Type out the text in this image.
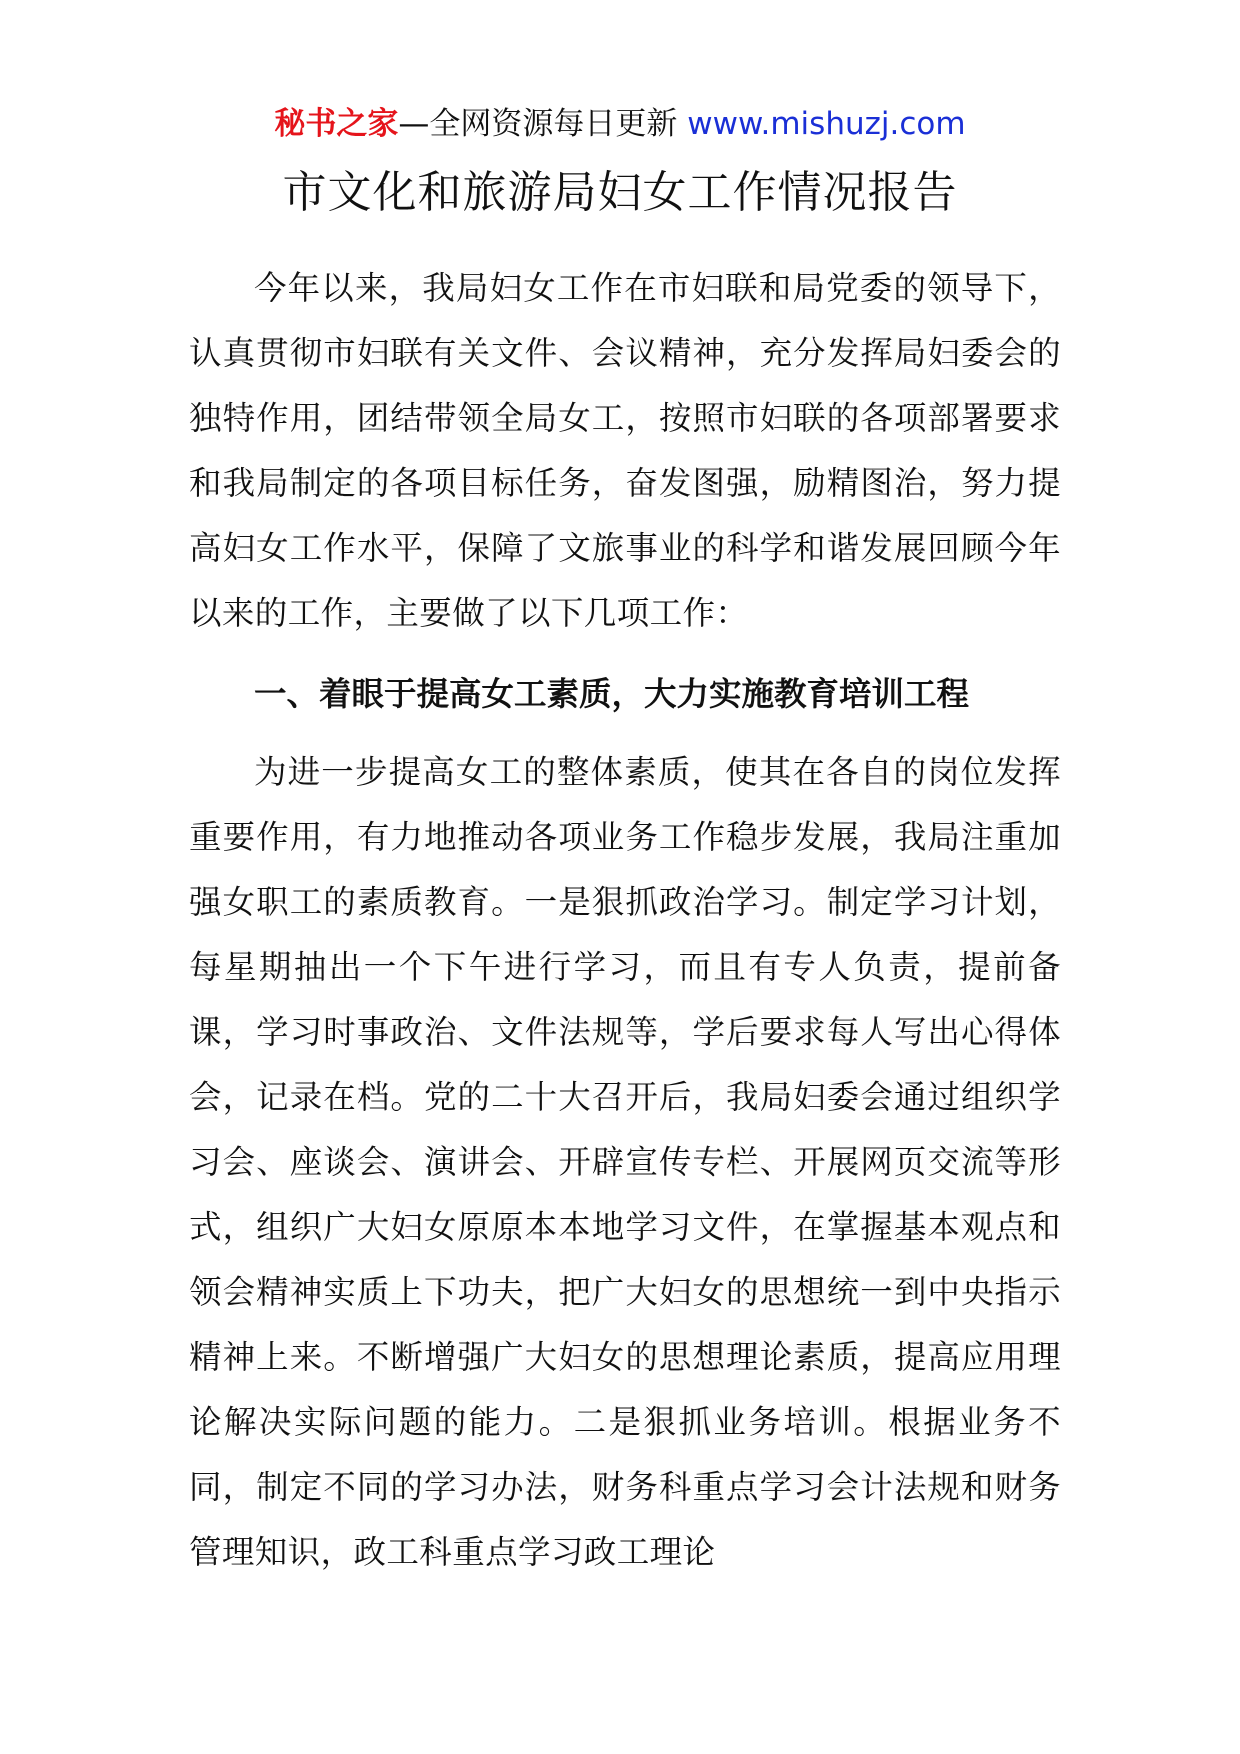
秘书之家—全网资源每日更新 www.mishuzj.com
市文化和旅游局妇女工作情况报告

今年以来，我局妇女工作在市妇联和局党委的领导下，认真贯彻市妇联有关文件、会议精神，充分发挥局妇委会的独特作用，团结带领全局女工，按照市妇联的各项部署要求和我局制定的各项目标任务，奋发图强，励精图治，努力提高妇女工作水平，保障了文旅事业的科学和谐发展回顾今年以来的工作，主要做了以下几项工作：

一、着眼于提高女工素质，大力实施教育培训工程

为进一步提高女工的整体素质，使其在各自的岗位发挥重要作用，有力地推动各项业务工作稳步发展，我局注重加强女职工的素质教育。一是狠抓政治学习。制定学习计划，每星期抽出一个下午进行学习，而且有专人负责，提前备课，学习时事政治、文件法规等，学后要求每人写出心得体会，记录在档。党的二十大召开后，我局妇委会通过组织学习会、座谈会、演讲会、开辟宣传专栏、开展网页交流等形式，组织广大妇女原原本本地学习文件，在掌握基本观点和领会精神实质上下功夫，把广大妇女的思想统一到中央指示精神上来。不断增强广大妇女的思想理论素质，提高应用理论解决实际问题的能力。二是狠抓业务培训。根据业务不同，制定不同的学习办法，财务科重点学习会计法规和财务管理知识，政工科重点学习政工理论
